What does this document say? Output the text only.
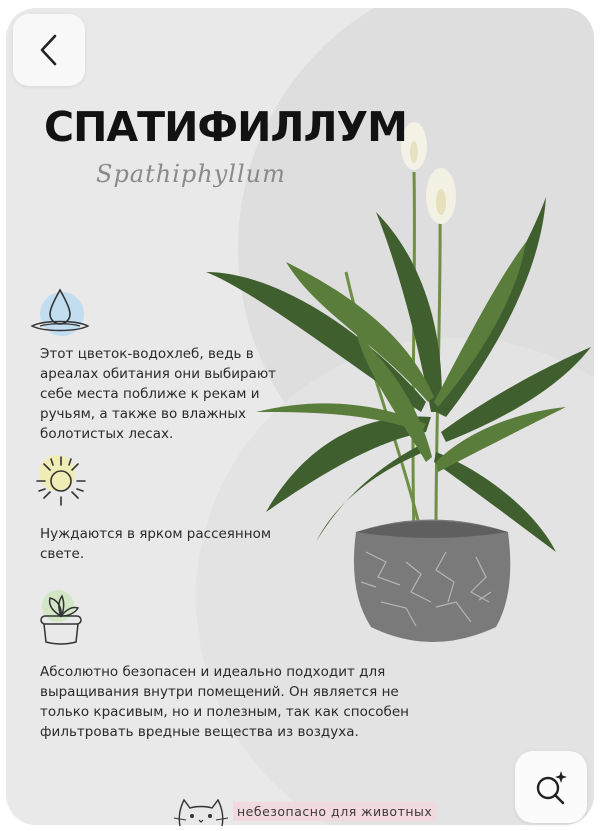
СПАТИФИЛЛУМ
Spathiphyllum

Этот цветок-водохлеб, ведь в
ареалах обитания они выбирают
себе места поближе к рекам и
ручьям, а также во влажных
болотистых лесах.

Нуждаются в ярком рассеянном
свете.

Абсолютно безопасен и идеально подходит для
выращивания внутри помещений. Он является не
только красивым, но и полезным, так как способен
фильтровать вредные вещества из воздуха.

небезопасно для животных
